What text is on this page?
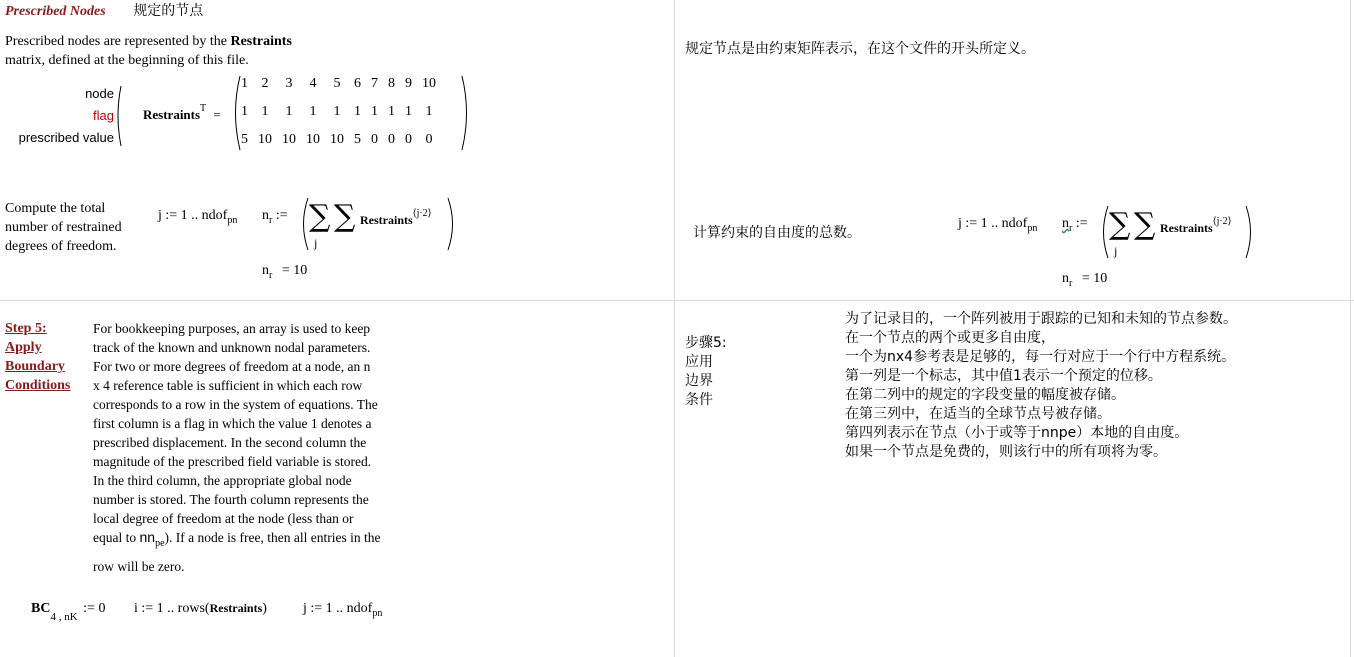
Prescribed Nodes 规定的节点
Prescribed nodes are represented by the Restraints
matrix, defined at the beginning of this file.
node
flag
prescribed value
Restraints$^T$ =
1	2	3	4	5	6	7	8	9	10
1	1	1	1	1	1	1	1	1	1
5	10	10	10	10	5	0	0	0	0
Compute the total
number of restrained
degrees of freedom.
j := 1 .. ndof$_{pn}$ $n_r$ := ∑ ∑
j
Restraints$^{⟨j\cdot 2⟩}$
$n_r = 10$
规定节点是由约束矩阵表示，在这个文件的开头所定义。
计算约束的自由度的总数。
j := 1 .. ndof$_{pn}$ $n_r$ := ∑ ∑
j
Restraints$^{⟨j\cdot 2⟩}$
$n_r = 10$
Step 5:
Apply
Boundary
Conditions
For bookkeeping purposes, an array is used to keep
track of the known and unknown nodal parameters.
For two or more degrees of freedom at a node, an n
x 4 reference table is sufficient in which each row
corresponds to a row in the system of equations. The
first column is a flag in which the value 1 denotes a
prescribed displacement. In the second column the
magnitude of the prescribed field variable is stored.
In the third column, the appropriate global node
number is stored. The fourth column represents the
local degree of freedom at the node (less than or
equal to $nn_{pe}$). If a node is free, then all entries in the
row will be zero.
$BC_{4 , nK}$ := 0 i := 1 .. rows(Restraints)	j := 1 .. ndof$_{pn}$
步骤5:
应用
边界
条件
为了记录目的，一个阵列被用于跟踪的已知和未知的节点参数。
在一个节点的两个或更多自由度，
一个为nx4参考表是足够的，每一行对应于一个行中方程系统。
第一列是一个标志，其中值1表示一个预定的位移。
在第二列中的规定的字段变量的幅度被存储。
在第三列中，在适当的全球节点号被存储。
第四列表示在节点（小于或等于nnpe）本地的自由度。
如果一个节点是免费的，则该行中的所有项将为零。
